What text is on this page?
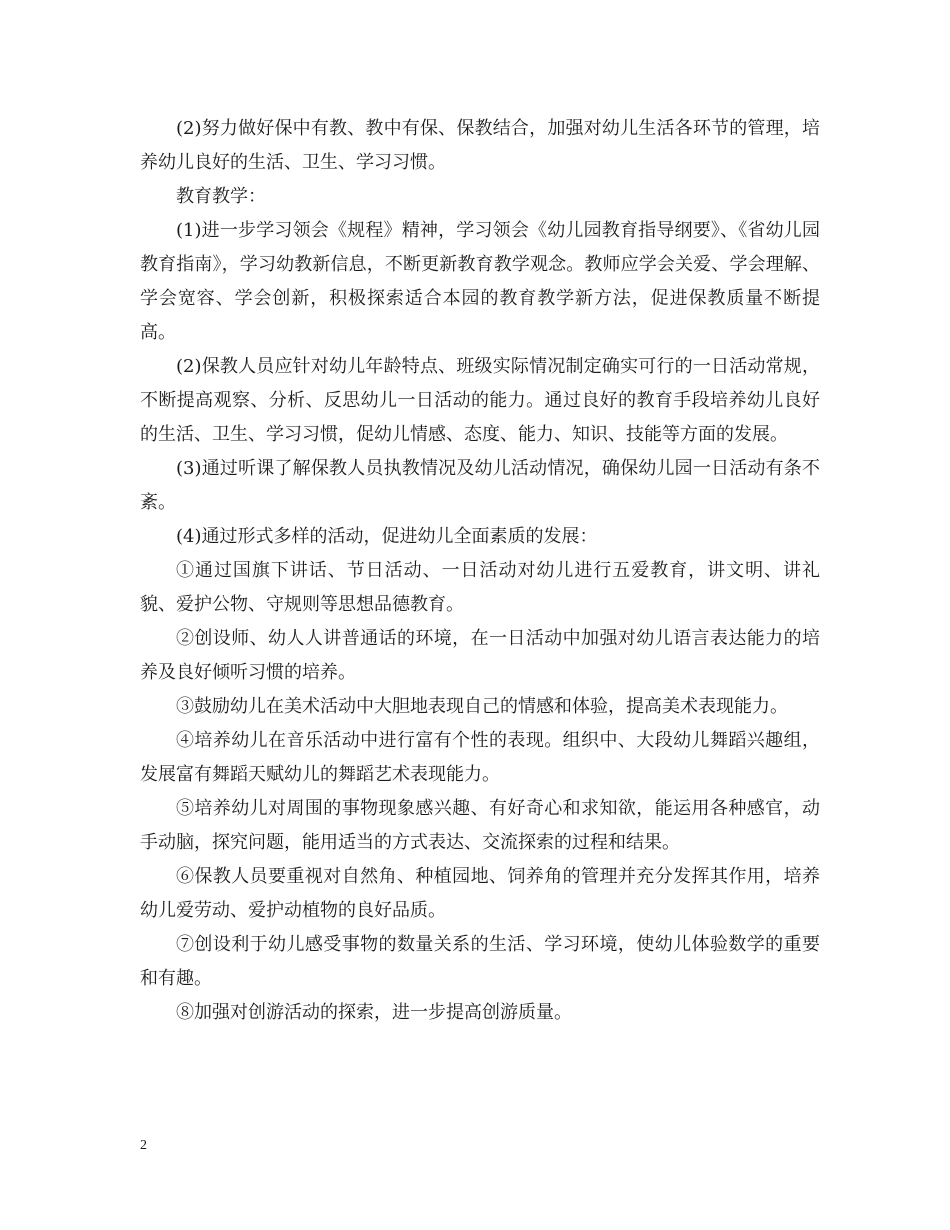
(2)努力做好保中有教、教中有保、保教结合，加强对幼儿生活各环节的管理，培养幼儿良好的生活、卫生、学习习惯。

教育教学：

(1)进一步学习领会《规程》精神，学习领会《幼儿园教育指导纲要》、《省幼儿园教育指南》，学习幼教新信息，不断更新教育教学观念。教师应学会关爱、学会理解、学会宽容、学会创新，积极探索适合本园的教育教学新方法，促进保教质量不断提高。

(2)保教人员应针对幼儿年龄特点、班级实际情况制定确实可行的一日活动常规，不断提高观察、分析、反思幼儿一日活动的能力。通过良好的教育手段培养幼儿良好的生活、卫生、学习习惯，促幼儿情感、态度、能力、知识、技能等方面的发展。

(3)通过听课了解保教人员执教情况及幼儿活动情况，确保幼儿园一日活动有条不紊。

(4)通过形式多样的活动，促进幼儿全面素质的发展：

①通过国旗下讲话、节日活动、一日活动对幼儿进行五爱教育，讲文明、讲礼貌、爱护公物、守规则等思想品德教育。

②创设师、幼人人讲普通话的环境，在一日活动中加强对幼儿语言表达能力的培养及良好倾听习惯的培养。

③鼓励幼儿在美术活动中大胆地表现自己的情感和体验，提高美术表现能力。

④培养幼儿在音乐活动中进行富有个性的表现。组织中、大段幼儿舞蹈兴趣组，发展富有舞蹈天赋幼儿的舞蹈艺术表现能力。

⑤培养幼儿对周围的事物现象感兴趣、有好奇心和求知欲，能运用各种感官，动手动脑，探究问题，能用适当的方式表达、交流探索的过程和结果。

⑥保教人员要重视对自然角、种植园地、饲养角的管理并充分发挥其作用，培养幼儿爱劳动、爱护动植物的良好品质。

⑦创设利于幼儿感受事物的数量关系的生活、学习环境，使幼儿体验数学的重要和有趣。

⑧加强对创游活动的探索，进一步提高创游质量。

2
